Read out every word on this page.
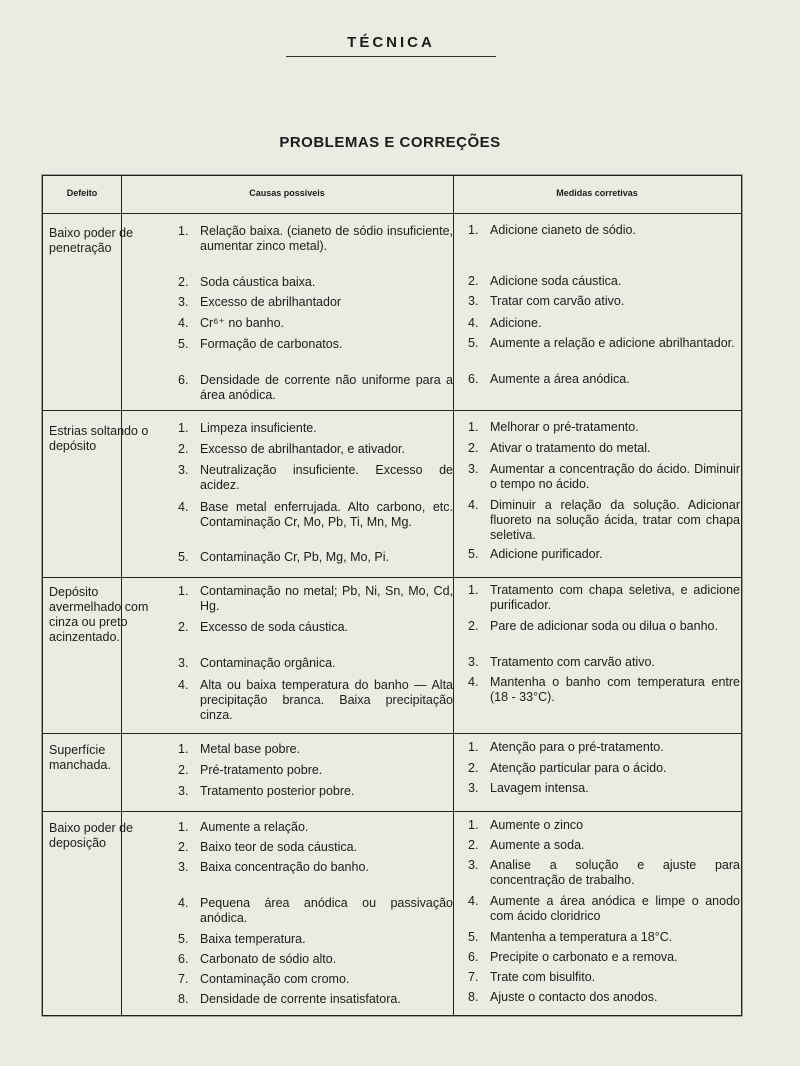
TÉCNICA
PROBLEMAS E CORREÇÕES
Defeito	Causas possíveis	Medidas corretivas
Baixo poder de penetração
1. Relação baixa. (cianeto de sódio insuficiente, aumentar zinco metal).
2. Soda cáustica baixa.
3. Excesso de abrilhantador
4. Cr⁶⁺ no banho.
5. Formação de carbonatos.
6. Densidade de corrente não uniforme para a área anódica.
1. Adicione cianeto de sódio.
2. Adicione soda cáustica.
3. Tratar com carvão ativo.
4. Adicione.
5. Aumente a relação e adicione abrilhantador.
6. Aumente a área anódica.
Estrias soltando o depósito
1. Limpeza insuficiente.
2. Excesso de abrilhantador, e ativador.
3. Neutralização insuficiente. Excesso de acidez.
4. Base metal enferrujada. Alto carbono, etc. Contaminação Cr, Mo, Pb, Ti, Mn, Mg.
5. Contaminação Cr, Pb, Mg, Mo, Pi.
1. Melhorar o pré-tratamento.
2. Ativar o tratamento do metal.
3. Aumentar a concentração do ácido. Diminuir o tempo no ácido.
4. Diminuir a relação da solução. Adicionar fluoreto na solução ácida, tratar com chapa seletiva.
5. Adicione purificador.
Depósito avermelhado com cinza ou preto acinzentado.
1. Contaminação no metal; Pb, Ni, Sn, Mo, Cd, Hg.
2. Excesso de soda cáustica.
3. Contaminação orgânica.
4. Alta ou baixa temperatura do banho — Alta precipitação branca. Baixa precipitação cinza.
1. Tratamento com chapa seletiva, e adicione purificador.
2. Pare de adicionar soda ou dilua o banho.
3. Tratamento com carvão ativo.
4. Mantenha o banho com temperatura entre (18 - 33°C).
Superfície manchada.
1. Metal base pobre.
2. Pré-tratamento pobre.
3. Tratamento posterior pobre.
1. Atenção para o pré-tratamento.
2. Atenção particular para o ácido.
3. Lavagem intensa.
Baixo poder de deposição
1. Aumente a relação.
2. Baixo teor de soda cáustica.
3. Baixa concentração do banho.
4. Pequena área anódica ou passivação anódica.
5. Baixa temperatura.
6. Carbonato de sódio alto.
7. Contaminação com cromo.
8. Densidade de corrente insatisfatora.
1. Aumente o zinco
2. Aumente a soda.
3. Analise a solução e ajuste para concentração de trabalho.
4. Aumente a área anódica e limpe o anodo com ácido cloridrico
5. Mantenha a temperatura a 18°C.
6. Precipite o carbonato e a remova.
7. Trate com bisulfito.
8. Ajuste o contacto dos anodos.
